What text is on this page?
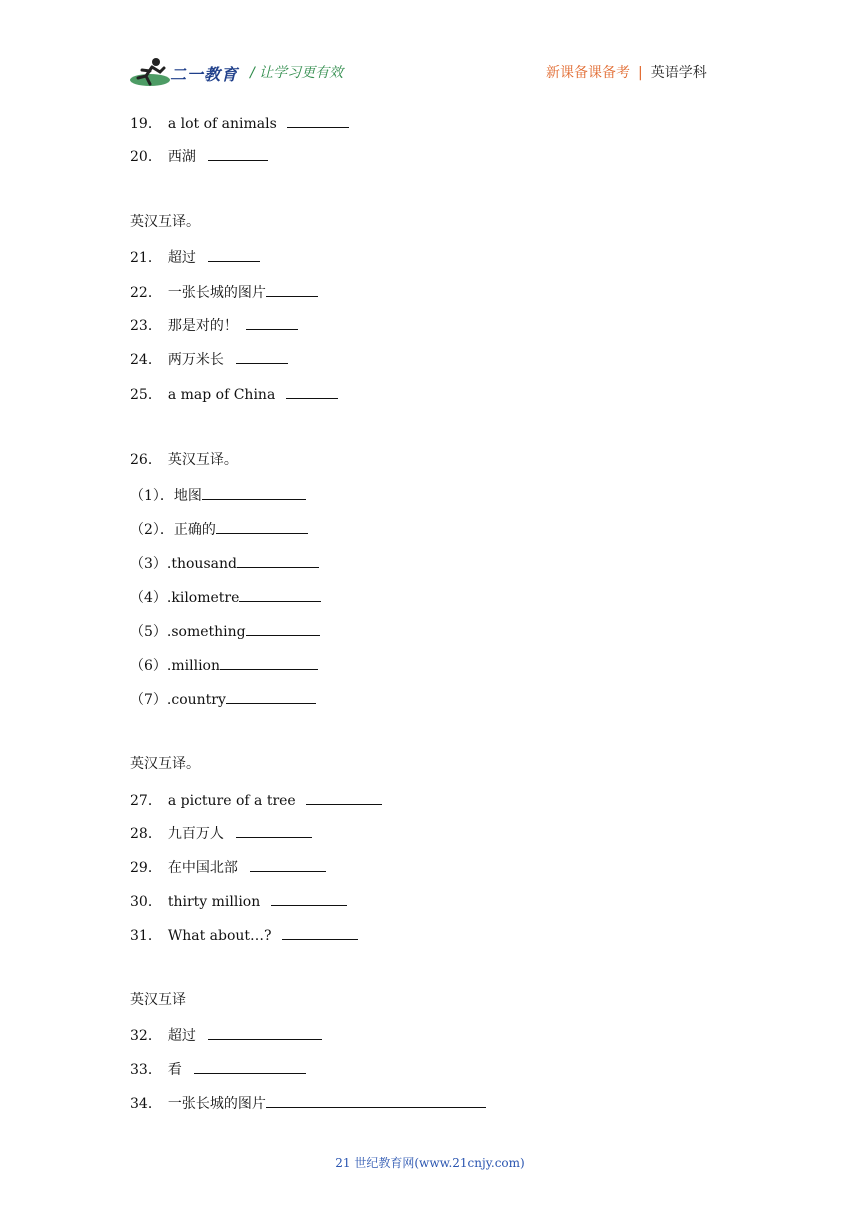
二一教育 / 让学习更有效	新课备课备考 | 英语学科
19． a lot of animals
20． 西湖
英汉互译。
21． 超过
22． 一张长城的图片
23． 那是对的！
24． 两万米长
25． a map of China
26． 英汉互译。
（1）．地图
（2）．正确的
（3）.thousand
（4）.kilometre
（5）.something
（6）.million
（7）.country
英汉互译。
27． a picture of a tree
28． 九百万人
29． 在中国北部
30． thirty million
31． What about…?
英汉互译
32． 超过
33． 看
34． 一张长城的图片
21 世纪教育网(www.21cnjy.com)
